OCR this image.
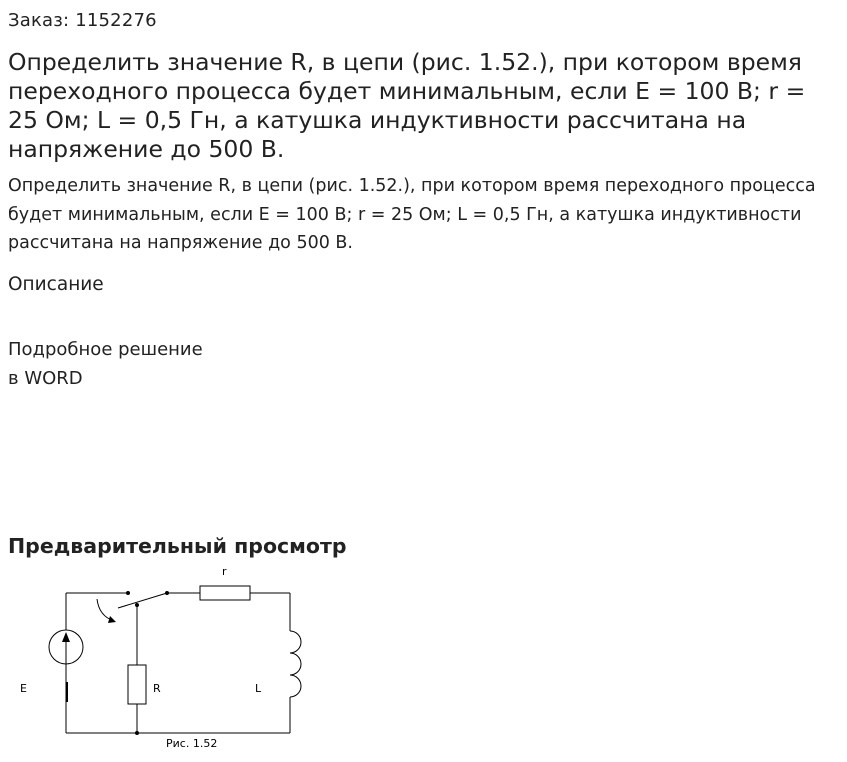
Заказ: 1152276
Определить значение R, в цепи (рис. 1.52.), при котором время переходного процесса будет минимальным, если E = 100 B; r = 25 Ом; L = 0,5 Гн, а катушка индуктивности рассчитана на напряжение до 500 В.

Определить значение R, в цепи (рис. 1.52.), при котором время переходного процесса будет минимальным, если E = 100 B; r = 25 Ом; L = 0,5 Гн, а катушка индуктивности рассчитана на напряжение до 500 В.

Описание
Подробное решение
в WORD
Предварительный просмотр
r
E	R	L
Рис. 1.52
